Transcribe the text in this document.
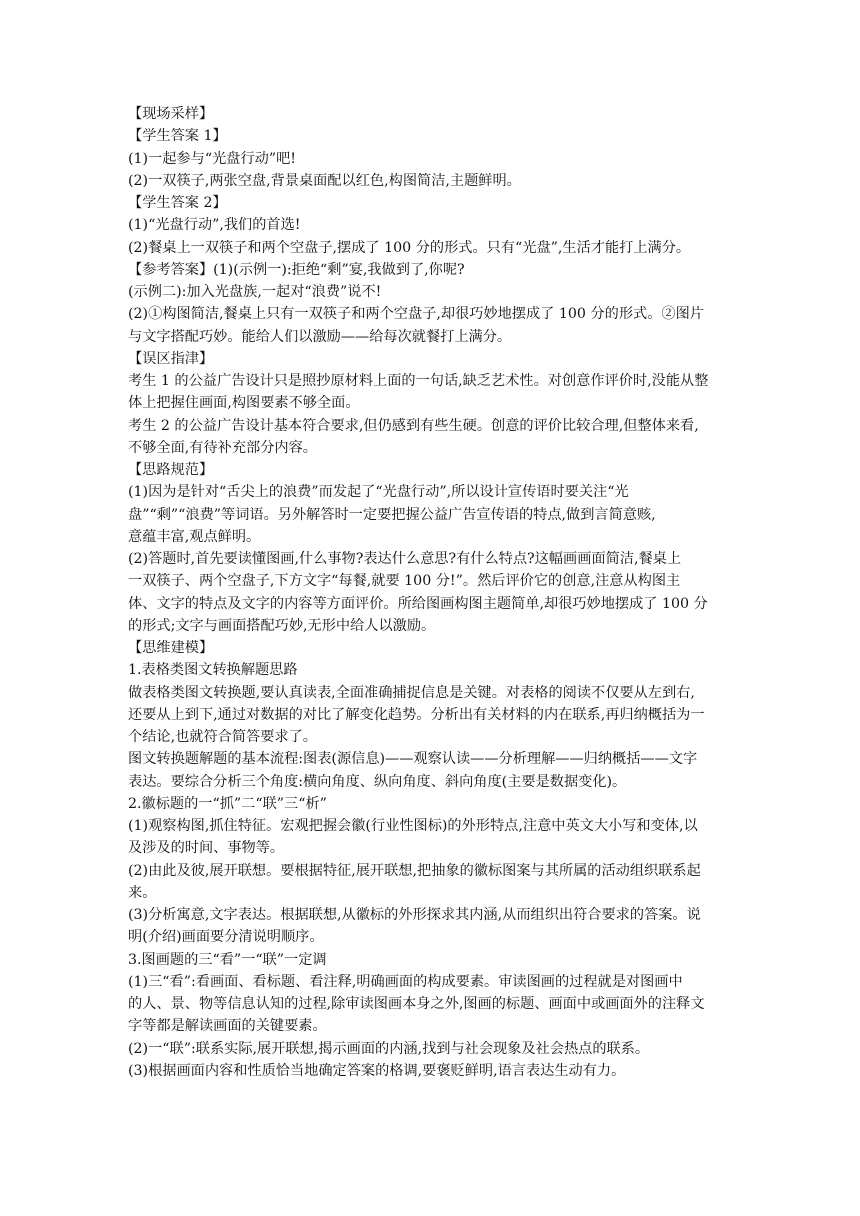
【现场采样】
【学生答案 1】
(1)一起参与“光盘行动”吧!
(2)一双筷子,两张空盘,背景桌面配以红色,构图简洁,主题鲜明。
【学生答案 2】
(1)“光盘行动”,我们的首选!
(2)餐桌上一双筷子和两个空盘子,摆成了 100 分的形式。只有“光盘”,生活才能打上满分。
【参考答案】(1)(示例一):拒绝“剩”宴,我做到了,你呢?
(示例二):加入光盘族,一起对“浪费”说不!
(2)①构图简洁,餐桌上只有一双筷子和两个空盘子,却很巧妙地摆成了 100 分的形式。②图片
与文字搭配巧妙。能给人们以激励——给每次就餐打上满分。
【误区指津】
考生 1 的公益广告设计只是照抄原材料上面的一句话,缺乏艺术性。对创意作评价时,没能从整
体上把握住画面,构图要素不够全面。
考生 2 的公益广告设计基本符合要求,但仍感到有些生硬。创意的评价比较合理,但整体来看,
不够全面,有待补充部分内容。
【思路规范】
(1)因为是针对“舌尖上的浪费”而发起了“光盘行动”,所以设计宣传语时要关注“光
盘”“剩”“浪费”等词语。另外解答时一定要把握公益广告宣传语的特点,做到言简意赅,
意蕴丰富,观点鲜明。
(2)答题时,首先要读懂图画,什么事物?表达什么意思?有什么特点?这幅画画面简洁,餐桌上
一双筷子、两个空盘子,下方文字“每餐,就要 100 分!”。然后评价它的创意,注意从构图主
体、文字的特点及文字的内容等方面评价。所给图画构图主题简单,却很巧妙地摆成了 100 分
的形式;文字与画面搭配巧妙,无形中给人以激励。
【思维建模】
1.表格类图文转换解题思路
做表格类图文转换题,要认真读表,全面准确捕捉信息是关键。对表格的阅读不仅要从左到右,
还要从上到下,通过对数据的对比了解变化趋势。分析出有关材料的内在联系,再归纳概括为一
个结论,也就符合简答要求了。
图文转换题解题的基本流程:图表(源信息)——观察认读——分析理解——归纳概括——文字
表达。要综合分析三个角度:横向角度、纵向角度、斜向角度(主要是数据变化)。
2.徽标题的一“抓”二“联”三“析”
(1)观察构图,抓住特征。宏观把握会徽(行业性图标)的外形特点,注意中英文大小写和变体,以
及涉及的时间、事物等。
(2)由此及彼,展开联想。要根据特征,展开联想,把抽象的徽标图案与其所属的活动组织联系起
来。
(3)分析寓意,文字表达。根据联想,从徽标的外形探求其内涵,从而组织出符合要求的答案。说
明(介绍)画面要分清说明顺序。
3.图画题的三“看”一“联”一定调
(1)三“看”:看画面、看标题、看注释,明确画面的构成要素。审读图画的过程就是对图画中
的人、景、物等信息认知的过程,除审读图画本身之外,图画的标题、画面中或画面外的注释文
字等都是解读画面的关键要素。
(2)一“联”:联系实际,展开联想,揭示画面的内涵,找到与社会现象及社会热点的联系。
(3)根据画面内容和性质恰当地确定答案的格调,要褒贬鲜明,语言表达生动有力。
